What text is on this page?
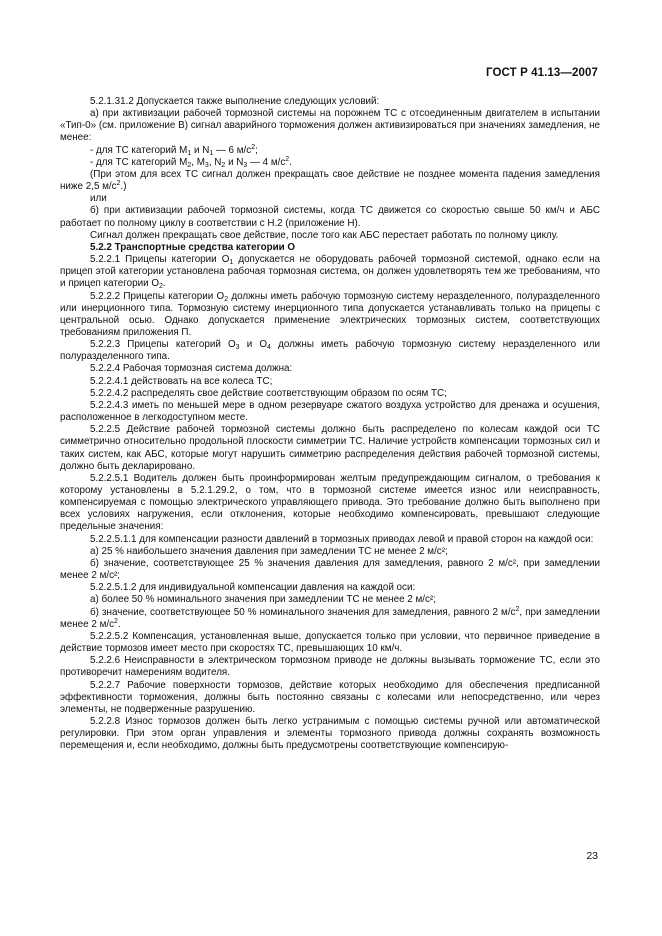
ГОСТ Р 41.13—2007

5.2.1.31.2 Допускается также выполнение следующих условий:

а) при активизации рабочей тормозной системы на порожнем ТС с отсоединенным двигателем в испытании «Тип-0» (см. приложение В) сигнал аварийного торможения должен активизироваться при значениях замедления, не менее:

- для ТС категорий $M_1$ и $N_1$ — 6 $м/с^2$;

- для ТС категорий $M_2$, $M_3$, $N_2$ и $N_3$ — 4 $м/с^2$.

(При этом для всех ТС сигнал должен прекращать свое действие не позднее момента падения замедления ниже 2,5 $м/с^2$.)

или

б) при активизации рабочей тормозной системы, когда ТС движется со скоростью свыше 50 км/ч и АБС работает по полному циклу в соответствии с Н.2 (приложение Н).

Сигнал должен прекращать свое действие, после того как АБС перестает работать по полному циклу.

5.2.2 Транспортные средства категории О

5.2.2.1 Прицепы категории $O_1$ допускается не оборудовать рабочей тормозной системой, однако если на прицеп этой категории установлена рабочая тормозная система, он должен удовлетворять тем же требованиям, что и прицеп категории $O_2$.

5.2.2.2 Прицепы категории $O_2$ должны иметь рабочую тормозную систему неразделенного, полуразделенного или инерционного типа. Тормозную систему инерционного типа допускается устанавливать только на прицепы с центральной осью. Однако допускается применение электрических тормозных систем, соответствующих требованиям приложения П.

5.2.2.3 Прицепы категорий $O_3$ и $O_4$ должны иметь рабочую тормозную систему неразделенного или полуразделенного типа.

5.2.2.4 Рабочая тормозная система должна:

5.2.2.4.1 действовать на все колеса ТС;

5.2.2.4.2 распределять свое действие соответствующим образом по осям ТС;

5.2.2.4.3 иметь по меньшей мере в одном резервуаре сжатого воздуха устройство для дренажа и осушения, расположенное в легкодоступном месте.

5.2.2.5 Действие рабочей тормозной системы должно быть распределено по колесам каждой оси ТС симметрично относительно продольной плоскости симметрии ТС. Наличие устройств компенсации тормозных сил и таких систем, как АБС, которые могут нарушить симметрию распределения действия рабочей тормозной системы, должно быть декларировано.

5.2.2.5.1 Водитель должен быть проинформирован желтым предупреждающим сигналом, о требования к которому установлены в 5.2.1.29.2, о том, что в тормозной системе имеется износ или неисправность, компенсируемая с помощью электрического управляющего привода. Это требование должно быть выполнено при всех условиях нагружения, если отклонения, которые необходимо компенсировать, превышают следующие предельные значения:

5.2.2.5.1.1 для компенсации разности давлений в тормозных приводах левой и правой сторон на каждой оси:

а) 25 % наибольшего значения давления при замедлении ТС не менее 2 м/с²;

б) значение, соответствующее 25 % значения давления для замедления, равного 2 м/с², при замедлении менее 2 м/с²;

5.2.2.5.1.2 для индивидуальной компенсации давления на каждой оси:

а) более 50 % номинального значения при замедлении ТС не менее 2 м/с²;

б) значение, соответствующее 50 % номинального значения для замедления, равного 2 $м/с^2$, при замедлении менее 2 $м/с^2$.

5.2.2.5.2 Компенсация, установленная выше, допускается только при условии, что первичное приведение в действие тормозов имеет место при скоростях ТС, превышающих 10 км/ч.

5.2.2.6 Неисправности в электрическом тормозном приводе не должны вызывать торможение ТС, если это противоречит намерениям водителя.

5.2.2.7 Рабочие поверхности тормозов, действие которых необходимо для обеспечения предписанной эффективности торможения, должны быть постоянно связаны с колесами или непосредственно, или через элементы, не подверженные разрушению.

5.2.2.8 Износ тормозов должен быть легко устранимым с помощью системы ручной или автоматической регулировки. При этом орган управления и элементы тормозного привода должны сохранять возможность перемещения и, если необходимо, должны быть предусмотрены соответствующие компенсирую-

23
